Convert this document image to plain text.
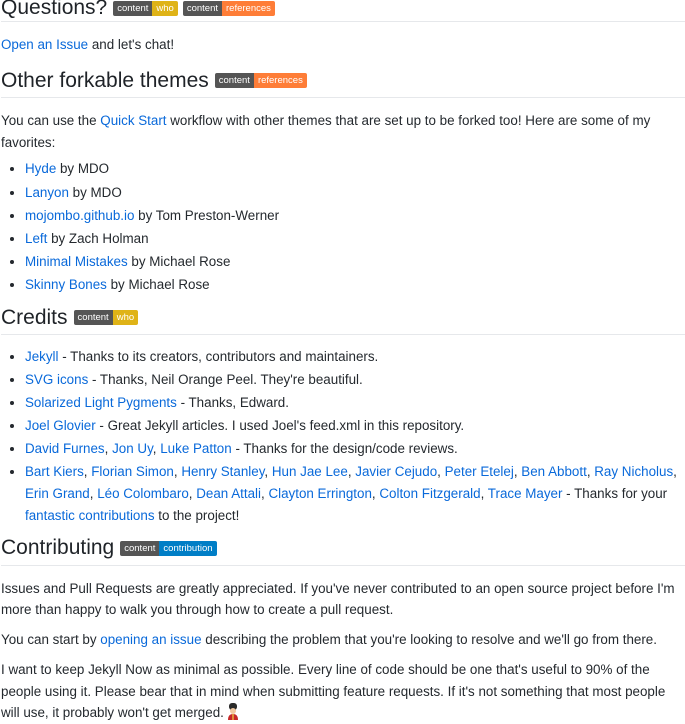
Questions?	content who	content references

Open an Issue and let's chat!

Other forkable themes	content references

You can use the Quick Start workflow with other themes that are set up to be forked too! Here are some of my favorites:

• Hyde by MDO
• Lanyon by MDO
• mojombo.github.io by Tom Preston-Werner
• Left by Zach Holman
• Minimal Mistakes by Michael Rose
• Skinny Bones by Michael Rose
Credits	content who
• Jekyll - Thanks to its creators, contributors and maintainers.
• SVG icons - Thanks, Neil Orange Peel. They're beautiful.
• Solarized Light Pygments - Thanks, Edward.
• Joel Glovier - Great Jekyll articles. I used Joel's feed.xml in this repository.
• David Furnes, Jon Uy, Luke Patton - Thanks for the design/code reviews.
• Bart Kiers, Florian Simon, Henry Stanley, Hun Jae Lee, Javier Cejudo, Peter Etelej, Ben Abbott, Ray Nicholus, Erin Grand, Léo Colombaro, Dean Attali, Clayton Errington, Colton Fitzgerald, Trace Mayer - Thanks for your fantastic contributions to the project!
Contributing	content contribution

Issues and Pull Requests are greatly appreciated. If you've never contributed to an open source project before I'm more than happy to walk you through how to create a pull request.

You can start by opening an issue describing the problem that you're looking to resolve and we'll go from there.

I want to keep Jekyll Now as minimal as possible. Every line of code should be one that's useful to 90% of the people using it. Please bear that in mind when submitting feature requests. If it's not something that most people will use, it probably won't get merged.
